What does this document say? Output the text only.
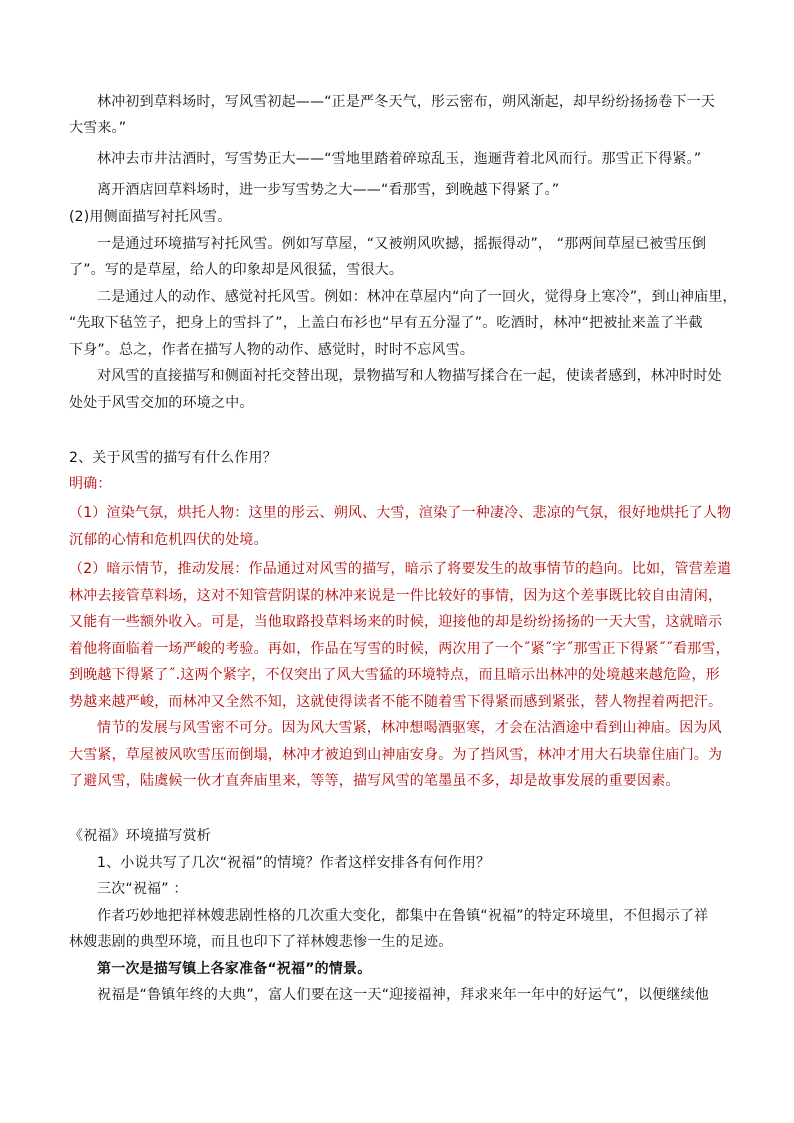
林冲初到草料场时，写风雪初起——“正是严冬天气，彤云密布，朔风渐起，却早纷纷扬扬卷下一天
大雪来。”
林冲去市井沽酒时，写雪势正大——“雪地里踏着碎琼乱玉，迤逦背着北风而行。那雪正下得紧。”
离开酒店回草料场时，进一步写雪势之大——“看那雪，到晚越下得紧了。”
(2)用侧面描写衬托风雪。
一是通过环境描写衬托风雪。例如写草屋，“又被朔风吹撼，摇振得动”， “那两间草屋已被雪压倒
了”。写的是草屋，给人的印象却是风很猛，雪很大。
二是通过人的动作、感觉衬托风雪。例如：林冲在草屋内“向了一回火，觉得身上寒冷”，到山神庙里，
“先取下毡笠子，把身上的雪抖了”，上盖白布衫也“早有五分湿了”。吃酒时，林冲“把被扯来盖了半截
下身”。总之，作者在描写人物的动作、感觉时，时时不忘风雪。
对风雪的直接描写和侧面衬托交替出现，景物描写和人物描写揉合在一起，使读者感到，林冲时时处
处处于风雪交加的环境之中。
2、关于风雪的描写有什么作用？
明确：
（1）渲染气氛，烘托人物：这里的彤云、朔风、大雪，渲染了一种凄冷、悲凉的气氛，很好地烘托了人物
沉郁的心情和危机四伏的处境。
（2）暗示情节，推动发展：作品通过对风雪的描写，暗示了将要发生的故事情节的趋向。比如，管营差遣
林冲去接管草料场，这对不知管营阴谋的林冲来说是一件比较好的事情，因为这个差事既比较自由清闲，
又能有一些额外收入。可是，当他取路投草料场来的时候，迎接他的却是纷纷扬扬的一天大雪，这就暗示
着他将面临着一场严峻的考验。再如，作品在写雪的时候，两次用了一个˝紧˝字˝那雪正下得紧˝˝看那雪，
到晚越下得紧了˝.这两个紧字，不仅突出了风大雪猛的环境特点，而且暗示出林冲的处境越来越危险，形
势越来越严峻，而林冲又全然不知，这就使得读者不能不随着雪下得紧而感到紧张，替人物捏着两把汗。
情节的发展与风雪密不可分。因为风大雪紧，林冲想喝酒驱寒，才会在沽酒途中看到山神庙。因为风
大雪紧，草屋被风吹雪压而倒塌，林冲才被迫到山神庙安身。为了挡风雪，林冲才用大石块靠住庙门。为
了避风雪，陆虞候一伙才直奔庙里来，等等，描写风雪的笔墨虽不多，却是故事发展的重要因素。
《祝福》环境描写赏析
1、小说共写了几次“祝福”的情境？作者这样安排各有何作用？
三次“祝福” ：
作者巧妙地把祥林嫂悲剧性格的几次重大变化，都集中在鲁镇“祝福”的特定环境里，不但揭示了祥
林嫂悲剧的典型环境，而且也印下了祥林嫂悲惨一生的足迹。
第一次是描写镇上各家准备“祝福”的情景。
祝福是“鲁镇年终的大典”，富人们要在这一天“迎接福神，拜求来年一年中的好运气”，以便继续他
